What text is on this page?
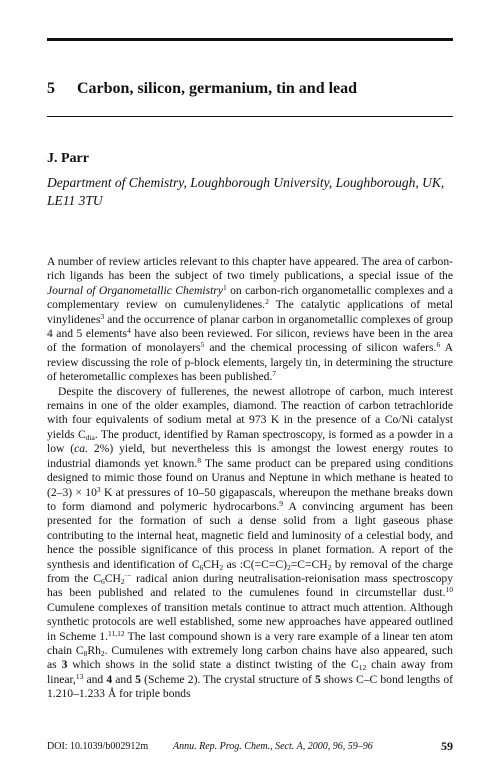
5 Carbon, silicon, germanium, tin and lead
J. Parr
Department of Chemistry, Loughborough University, Loughborough, UK, LE11 3TU

A number of review articles relevant to this chapter have appeared. The area of carbon-rich ligands has been the subject of two timely publications, a special issue of the Journal of Organometallic Chemistry$^1$ on carbon-rich organometallic complexes and a complementary review on cumulenylidenes.$^2$ The catalytic applications of metal vinylidenes$^3$ and the occurrence of planar carbon in organometallic complexes of group 4 and 5 elements$^4$ have also been reviewed. For silicon, reviews have been in the area of the formation of monolayers$^5$ and the chemical processing of silicon wafers.$^6$ A review discussing the role of p-block elements, largely tin, in determining the structure of heterometallic complexes has been published.$^7$

Despite the discovery of fullerenes, the newest allotrope of carbon, much interest remains in one of the older examples, diamond. The reaction of carbon tetrachloride with four equivalents of sodium metal at 973 K in the presence of a Co/Ni catalyst yields $C_{dia}$. The product, identified by Raman spectroscopy, is formed as a powder in a low (ca. 2%) yield, but nevertheless this is amongst the lowest energy routes to industrial diamonds yet known.$^8$ The same product can be prepared using conditions designed to mimic those found on Uranus and Neptune in which methane is heated to $(2-3) \times 10^3$ K at pressures of 10–50 gigapascals, whereupon the methane breaks down to form diamond and polymeric hydrocarbons.$^9$ A convincing argument has been presented for the formation of such a dense solid from a light gaseous phase contributing to the internal heat, magnetic field and luminosity of a celestial body, and hence the possible significance of this process in planet formation. A report of the synthesis and identification of $C_6CH_2$ as $:C(=C=C)_2=C=CH_2$ by removal of the charge from the $C_6CH_2^{\cdot-}$ radical anion during neutralisation-reionisation mass spectroscopy has been published and related to the cumulenes found in circumstellar dust.$^{10}$ Cumulene complexes of transition metals continue to attract much attention. Although synthetic protocols are well established, some new approaches have appeared outlined in Scheme 1.$^{11,12}$ The last compound shown is a very rare example of a linear ten atom chain $C_8Rh_2$. Cumulenes with extremely long carbon chains have also appeared, such as 3 which shows in the solid state a distinct twisting of the $C_{12}$ chain away from linear,$^{13}$ and 4 and 5 (Scheme 2). The crystal structure of 5 shows C–C bond lengths of 1.210–1.233 Å for triple bonds

DOI: 10.1039/b002912m Annu. Rep. Prog. Chem., Sect. A, 2000, 96, 59–96	59
